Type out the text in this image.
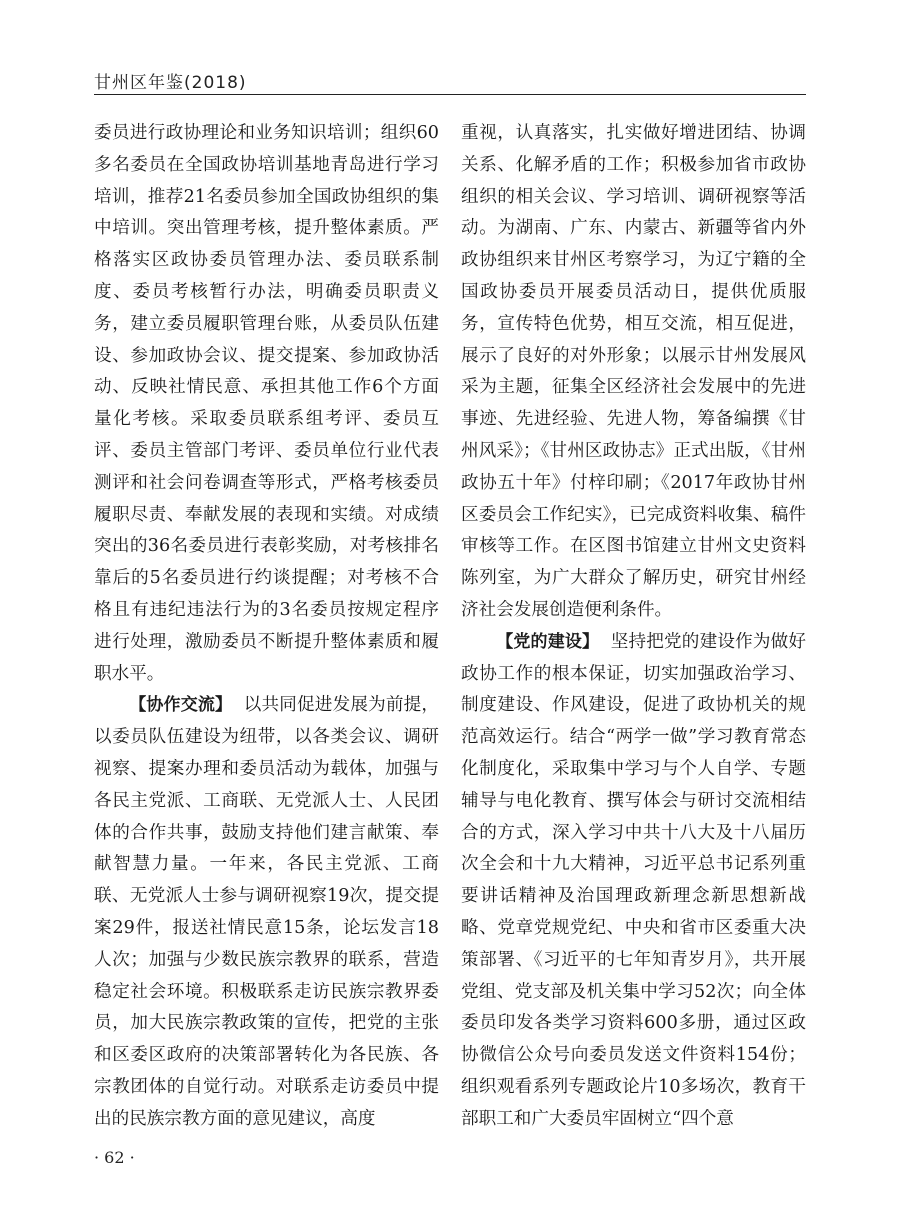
甘州区年鉴(2018)

委员进行政协理论和业务知识培训；组织60多名委员在全国政协培训基地青岛进行学习培训，推荐21名委员参加全国政协组织的集中培训。突出管理考核，提升整体素质。严格落实区政协委员管理办法、委员联系制度、委员考核暂行办法，明确委员职责义务，建立委员履职管理台账，从委员队伍建设、参加政协会议、提交提案、参加政协活动、反映社情民意、承担其他工作6个方面量化考核。采取委员联系组考评、委员互评、委员主管部门考评、委员单位行业代表测评和社会问卷调查等形式，严格考核委员履职尽责、奉献发展的表现和实绩。对成绩突出的36名委员进行表彰奖励，对考核排名靠后的5名委员进行约谈提醒；对考核不合格且有违纪违法行为的3名委员按规定程序进行处理，激励委员不断提升整体素质和履职水平。

【协作交流】 以共同促进发展为前提，以委员队伍建设为纽带，以各类会议、调研视察、提案办理和委员活动为载体，加强与各民主党派、工商联、无党派人士、人民团体的合作共事，鼓励支持他们建言献策、奉献智慧力量。一年来，各民主党派、工商联、无党派人士参与调研视察19次，提交提案29件，报送社情民意15条，论坛发言18人次；加强与少数民族宗教界的联系，营造稳定社会环境。积极联系走访民族宗教界委员，加大民族宗教政策的宣传，把党的主张和区委区政府的决策部署转化为各民族、各宗教团体的自觉行动。对联系走访委员中提出的民族宗教方面的意见建议，高度

重视，认真落实，扎实做好增进团结、协调关系、化解矛盾的工作；积极参加省市政协组织的相关会议、学习培训、调研视察等活动。为湖南、广东、内蒙古、新疆等省内外政协组织来甘州区考察学习，为辽宁籍的全国政协委员开展委员活动日，提供优质服务，宣传特色优势，相互交流，相互促进，展示了良好的对外形象；以展示甘州发展风采为主题，征集全区经济社会发展中的先进事迹、先进经验、先进人物，筹备编撰《甘州风采》；《甘州区政协志》正式出版，《甘州政协五十年》付梓印刷；《2017年政协甘州区委员会工作纪实》，已完成资料收集、稿件审核等工作。在区图书馆建立甘州文史资料陈列室，为广大群众了解历史，研究甘州经济社会发展创造便利条件。

【党的建设】 坚持把党的建设作为做好政协工作的根本保证，切实加强政治学习、制度建设、作风建设，促进了政协机关的规范高效运行。结合“两学一做”学习教育常态化制度化，采取集中学习与个人自学、专题辅导与电化教育、撰写体会与研讨交流相结合的方式，深入学习中共十八大及十八届历次全会和十九大精神，习近平总书记系列重要讲话精神及治国理政新理念新思想新战略、党章党规党纪、中央和省市区委重大决策部署、《习近平的七年知青岁月》，共开展党组、党支部及机关集中学习52次；向全体委员印发各类学习资料600多册，通过区政协微信公众号向委员发送文件资料154份；组织观看系列专题政论片10多场次，教育干部职工和广大委员牢固树立“四个意

· 62 ·
